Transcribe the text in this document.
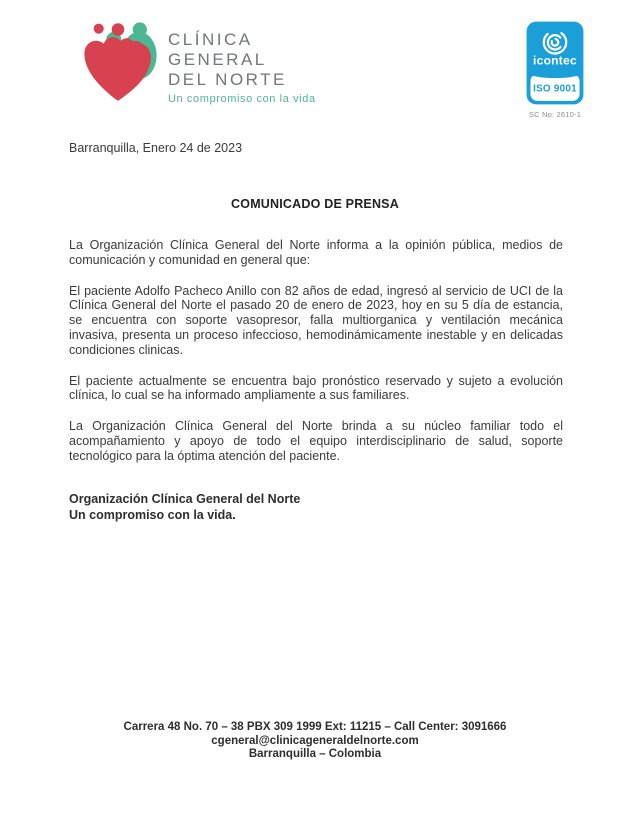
CLÍNICA
GENERAL
DEL NORTE
Un compromiso con la vida
icontec
ISO 9001
SC No: 2610-1
Barranquilla, Enero 24 de 2023
COMUNICADO DE PRENSA

La Organización Clínica General del Norte informa a la opinión pública, medios de comunicación y comunidad en general que:

El paciente Adolfo Pacheco Anillo con 82 años de edad, ingresó al servicio de UCI de la Clínica General del Norte el pasado 20 de enero de 2023, hoy en su 5 día de estancia, se encuentra con soporte vasopresor, falla multiorganica y ventilación mecánica invasiva, presenta un proceso infeccioso, hemodinámicamente inestable y en delicadas condiciones clinicas.

El paciente actualmente se encuentra bajo pronóstico reservado y sujeto a evolución clínica, lo cual se ha informado ampliamente a sus familiares.

La Organización Clínica General del Norte brinda a su núcleo familiar todo el acompañamiento y apoyo de todo el equipo interdisciplinario de salud, soporte tecnológico para la óptima atención del paciente.

Organización Clínica General del Norte
Un compromiso con la vida.
Carrera 48 No. 70 – 38 PBX 309 1999 Ext: 11215 – Call Center: 3091666
cgeneral@clinicageneraldelnorte.com
Barranquilla – Colombia
